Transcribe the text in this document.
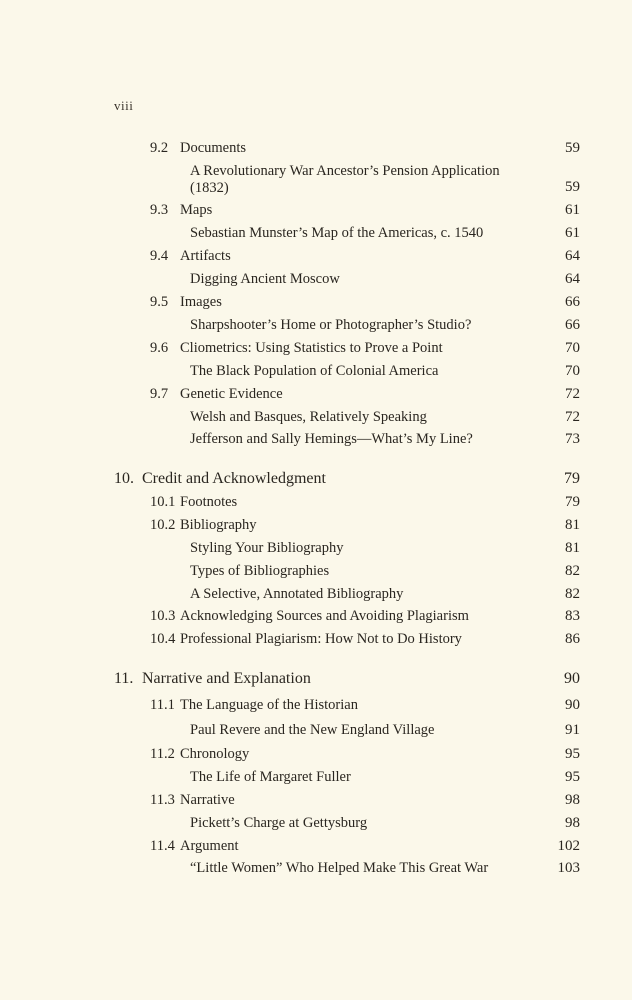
viii
9.2 Documents	59
A Revolutionary War Ancestor’s Pension Application (1832)	59
9.3 Maps	61
Sebastian Munster’s Map of the Americas, c. 1540	61
9.4 Artifacts	64
Digging Ancient Moscow	64
9.5 Images	66
Sharpshooter’s Home or Photographer’s Studio?	66
9.6 Cliometrics: Using Statistics to Prove a Point	70
The Black Population of Colonial America	70
9.7 Genetic Evidence	72
Welsh and Basques, Relatively Speaking	72
Jefferson and Sally Hemings—What’s My Line?	73
10. Credit and Acknowledgment	79
10.1 Footnotes	79
10.2 Bibliography	81
Styling Your Bibliography	81
Types of Bibliographies	82
A Selective, Annotated Bibliography	82
10.3 Acknowledging Sources and Avoiding Plagiarism	83
10.4 Professional Plagiarism: How Not to Do History	86
11. Narrative and Explanation	90
11.1 The Language of the Historian	90
Paul Revere and the New England Village	91
11.2 Chronology	95
The Life of Margaret Fuller	95
11.3 Narrative	98
Pickett’s Charge at Gettysburg	98
11.4 Argument	102
“Little Women” Who Helped Make This Great War	103
